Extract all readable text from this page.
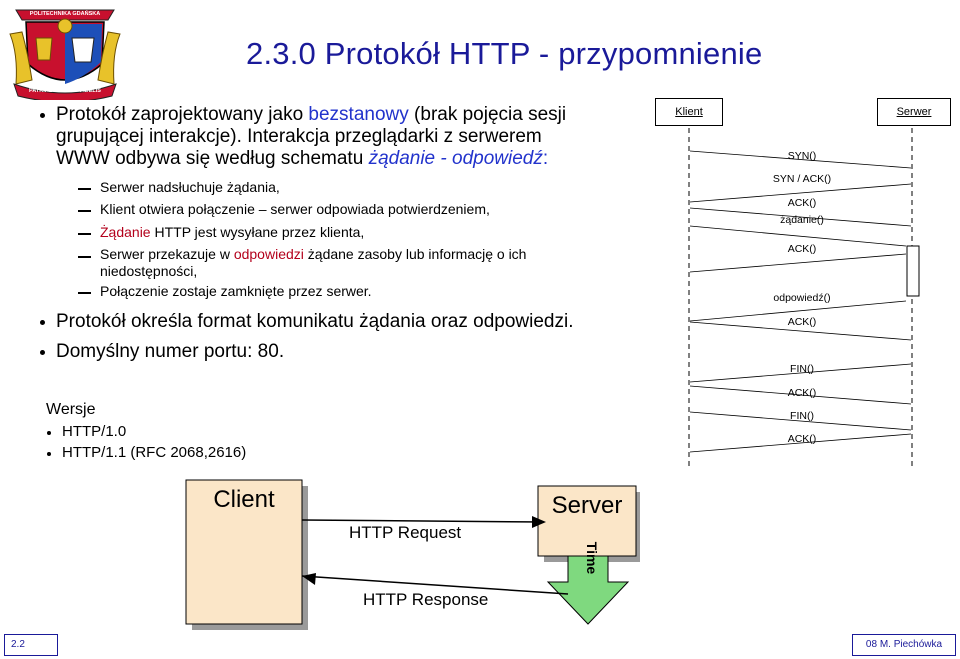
POLITECHNIKA GDAŃSKA
PATRIAE · MARIS · FIDELIS
2.3.0 Protokół HTTP - przypomnienie
Protokół zaprojektowany jako bezstanowy (brak pojęcia sesji
grupującej interakcje). Interakcja przeglądarki z serwerem
WWW odbywa się według schematu żądanie - odpowiedź:
Serwer nadsłuchuje żądania,
Klient otwiera połączenie – serwer odpowiada potwierdzeniem,
Żądanie HTTP jest wysyłane przez klienta,
Serwer przekazuje w odpowiedzi żądane zasoby lub informację o ich
niedostępności,
Połączenie zostaje zamknięte przez serwer.
Protokół określa format komunikatu żądania oraz odpowiedzi.
Domyślny numer portu: 80.
Wersje
HTTP/1.0
HTTP/1.1 (RFC 2068,2616)
Klient	Serwer
SYN()
SYN / ACK()
ACK()
żądanie()
ACK()
odpowiedź()
ACK()
FIN()
ACK()
FIN()
ACK()
Client	Server
HTTP Request
HTTP Response
Time
2.2	08 M. Piechówka
